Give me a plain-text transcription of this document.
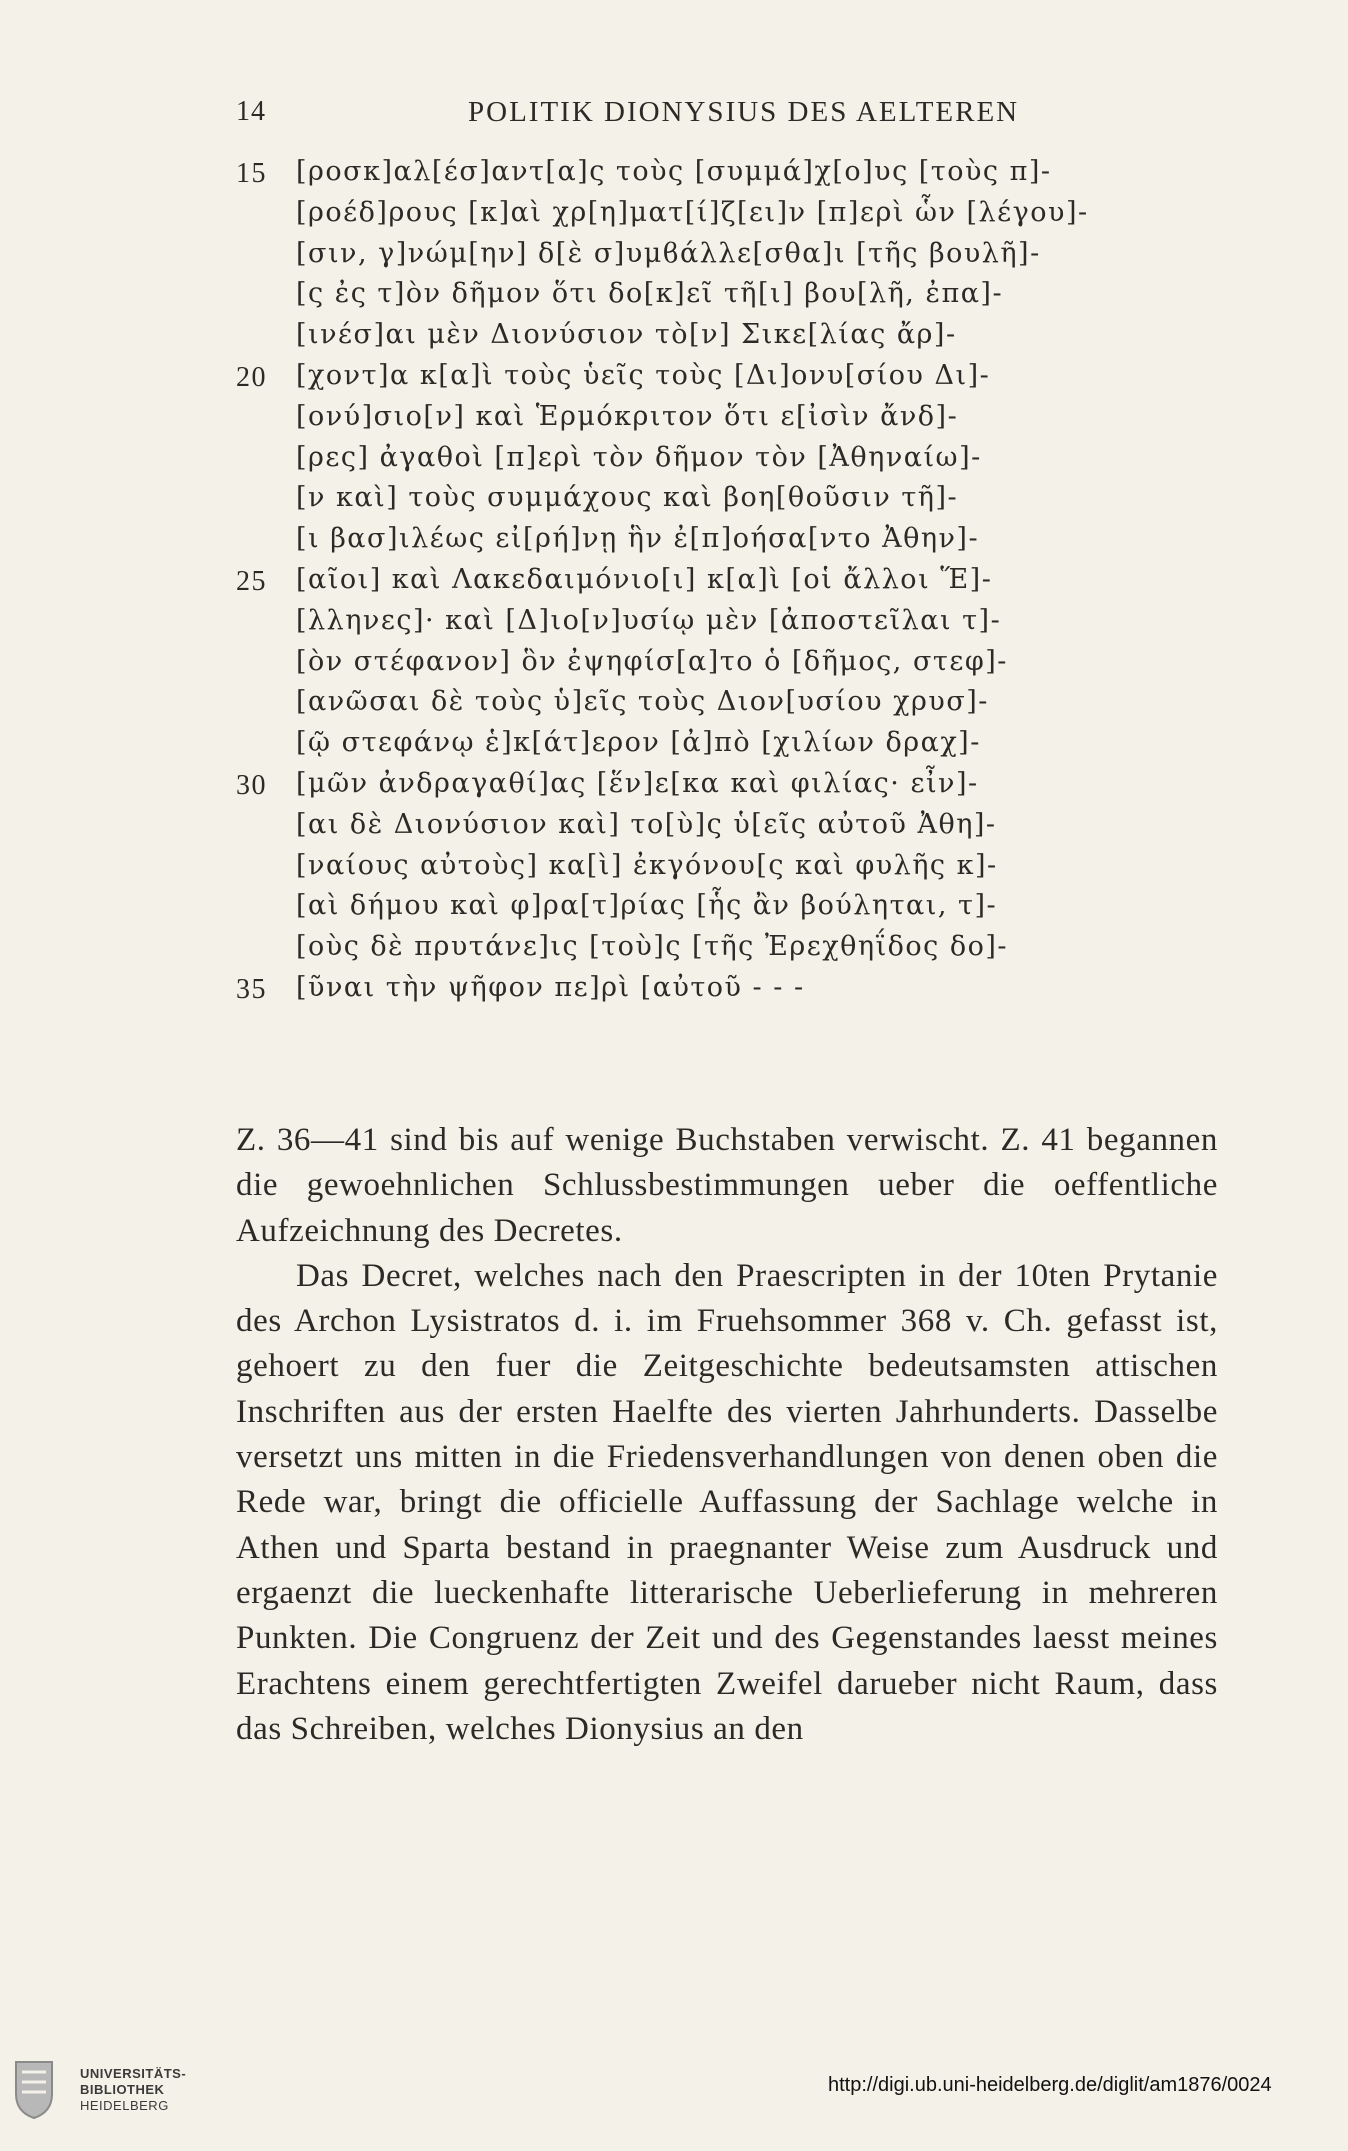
14	POLITIK DIONYSIUS DES AELTEREN
15	[ροσκ]αλ[έσ]αντ[α]ς τοὺς [συμμά]χ[ο]υς [τοὺς π]-
[ροέδ]ρους [κ]αὶ χρ[η]ματ[ί]ζ[ει]ν [π]ερὶ ὧν [λέγου]-
[σιν, γ]νώμ[ην] δ[ὲ σ]υμϐάλλε[σθα]ι [τῆς βουλῆ]-
[ς ἐς τ]ὸν δῆμον ὅτι δο[κ]εῖ τῆ[ι] βου[λῆ, ἐπα]-
[ινέσ]αι μὲν Διονύσιον τὸ[ν] Σικε[λίας ἄρ]-
20	[χοντ]α κ[α]ὶ τοὺς ὑεῖς τοὺς [Δι]ονυ[σίου Δι]-
[ονύ]σιο[ν] καὶ Ἑρμόκριτον ὅτι ε[ἰσὶν ἄνδ]-
[ρες] ἀγαθοὶ [π]ερὶ τὸν δῆμον τὸν [Ἀθηναίω]-
[ν καὶ] τοὺς συμμάχους καὶ βοη[θοῦσιν τῆ]-
[ι βασ]ιλέως εἰ[ρή]νῃ ἣν ἐ[π]οήσα[ντο Ἀθην]-
25	[αῖοι] καὶ Λακεδαιμόνιο[ι] κ[α]ὶ [οἱ ἄλλοι Ἕ]-
[λληνες]· καὶ [Δ]ιο[ν]υσίῳ μὲν [ἀποστεῖλαι τ]-
[ὸν στέφανον] ὃν ἐψηφίσ[α]το ὁ [δῆμος, στεφ]-
[ανῶσαι δὲ τοὺς ὑ]εῖς τοὺς Διον[υσίου χρυσ]-
[ῷ στεφάνῳ ἑ]κ[άτ]ερον [ἀ]πὸ [χιλίων δραχ]-
30	[μῶν ἀνδραγαθί]ας [ἕν]ε[κα καὶ φιλίας· εἶν]-
[αι δὲ Διονύσιον καὶ] το[ὺ]ς ὑ[εῖς αὐτοῦ Ἀθη]-
[ναίους αὐτοὺς] κα[ὶ] ἐκγόνου[ς καὶ φυλῆς κ]-
[αὶ δήμου καὶ φ]ρα[τ]ρίας [ἧς ἂν βούληται, τ]-
[οὺς δὲ πρυτάνε]ις [τοὺ]ς [τῆς Ἐρεχθηΐδος δο]-
35	[ῦναι τὴν ψῆφον πε]ρὶ [αὐτοῦ - - -

Z. 36—41 sind bis auf wenige Buchstaben verwischt. Z. 41 begannen die gewoehnlichen Schlussbestimmungen ueber die oeffentliche Aufzeichnung des Decretes.

Das Decret, welches nach den Praescripten in der 10ten Prytanie des Archon Lysistratos d. i. im Fruehsommer 368 v. Ch. gefasst ist, gehoert zu den fuer die Zeitgeschichte bedeutsamsten attischen Inschriften aus der ersten Haelfte des vierten Jahrhunderts. Dasselbe versetzt uns mitten in die Friedensverhandlungen von denen oben die Rede war, bringt die officielle Auffassung der Sachlage welche in Athen und Sparta bestand in praegnanter Weise zum Ausdruck und ergaenzt die lueckenhafte litterarische Ueberlieferung in mehreren Punkten. Die Congruenz der Zeit und des Gegenstandes laesst meines Erachtens einem gerechtfertigten Zweifel darueber nicht Raum, dass das Schreiben, welches Dionysius an den

UNIVERSITÄTS-
BIBLIOTHEK
HEIDELBERG
http://digi.ub.uni-heidelberg.de/diglit/am1876/0024
